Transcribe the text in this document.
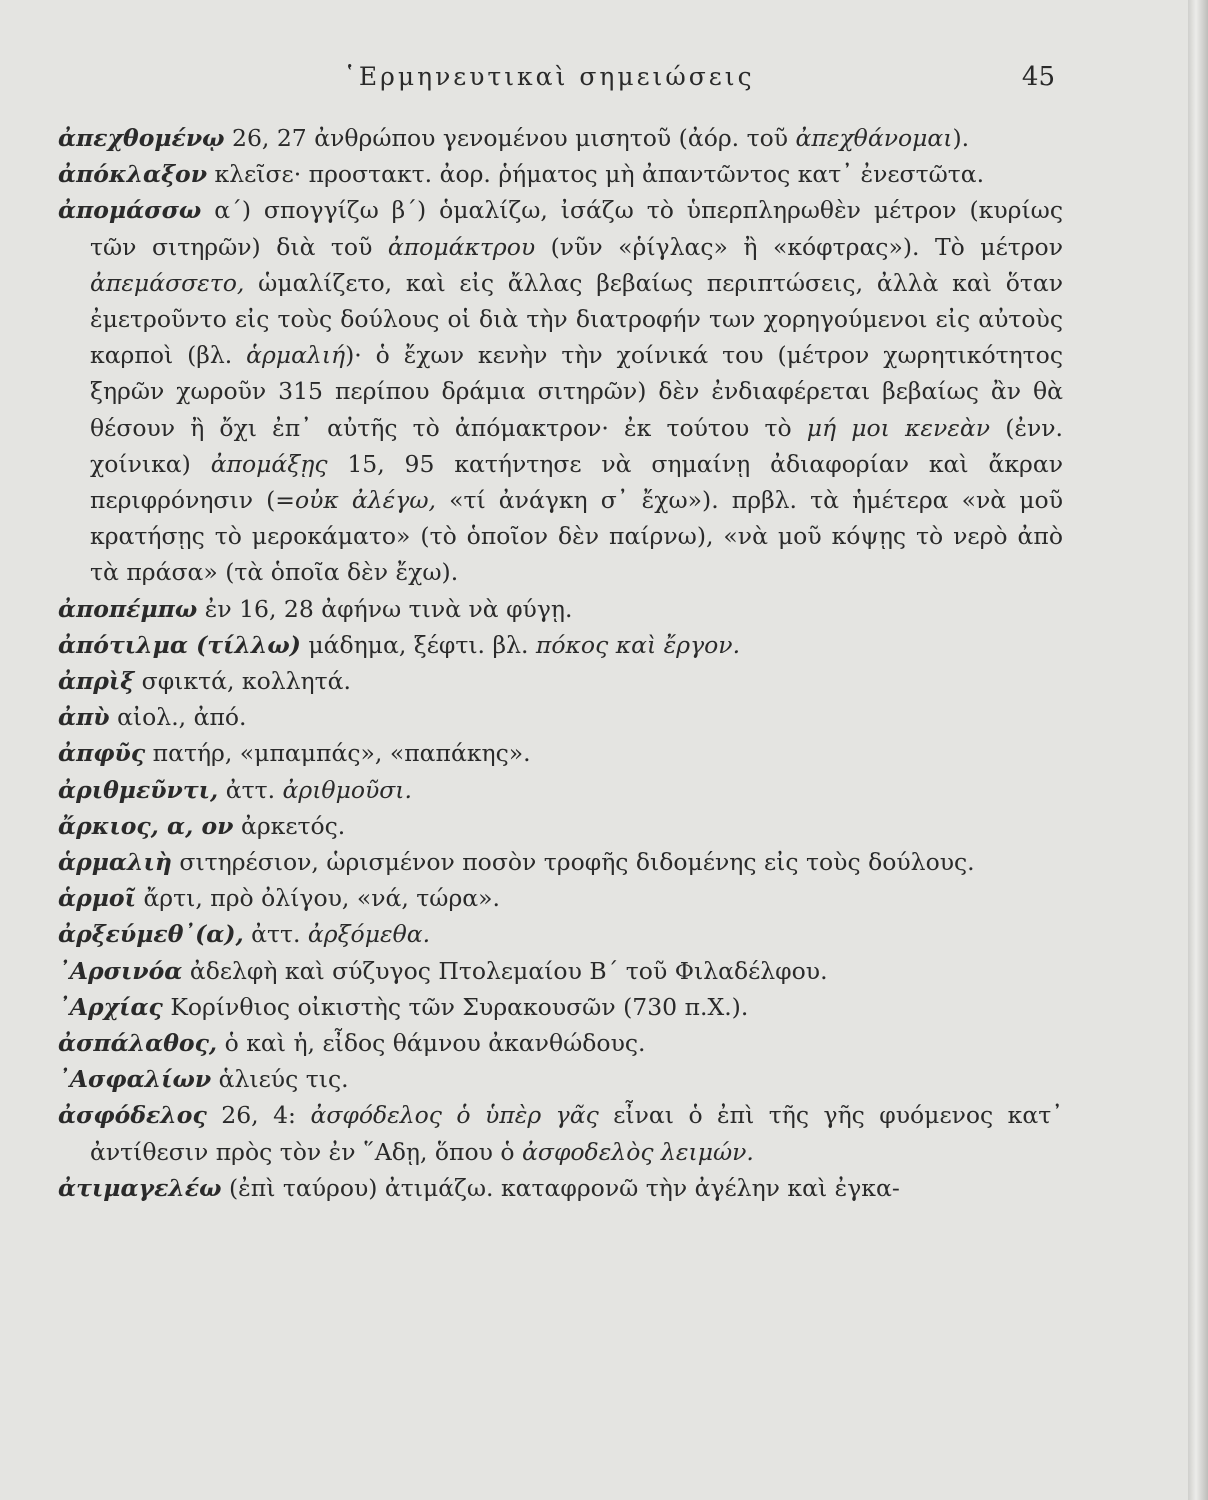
῾Ερμηνευτικαὶ σημειώσεις	45

ἀπεχθομένῳ 26, 27 ἀνθρώπου γενομένου μισητοῦ (ἀόρ. τοῦ ἀπεχθάνομαι).

ἀπόκλαξον κλεῖσε· προστακτ. ἀορ. ῥήματος μὴ ἀπαντῶντος κατ᾽ ἐνεστῶτα.

ἀπομάσσω α΄) σπογγίζω β΄) ὁμαλίζω, ἰσάζω τὸ ὑπερπληρωθὲν μέτρον (κυρίως τῶν σιτηρῶν) διὰ τοῦ ἀπομάκτρου (νῦν «ῥίγλας» ἢ «κόφτρας»). Τὸ μέτρον ἀπεμάσσετο, ὡμαλίζετο, καὶ εἰς ἄλλας βεβαίως περιπτώσεις, ἀλλὰ καὶ ὅταν ἐμετροῦντο εἰς τοὺς δούλους οἱ διὰ τὴν διατροφήν των χορηγούμενοι εἰς αὐτοὺς καρποὶ (βλ. ἁρμαλιή)· ὁ ἔχων κενὴν τὴν χοίνικά του (μέτρον χωρητικότητος ξηρῶν χωροῦν 315 περίπου δράμια σιτηρῶν) δὲν ἐνδιαφέρεται βεβαίως ἂν θὰ θέσουν ἢ ὄχι ἐπ᾽ αὐτῆς τὸ ἀπόμακτρον· ἐκ τούτου τὸ μή μοι κενεὰν (ἐνν. χοίνικα) ἀπομάξῃς 15, 95 κατήντησε νὰ σημαίνῃ ἀδιαφορίαν καὶ ἄκραν περιφρόνησιν (=οὐκ ἀλέγω, «τί ἀνάγκη σ᾽ ἔχω»). πρβλ. τὰ ἡμέτερα «νὰ μοῦ κρατήσῃς τὸ μεροκάματο» (τὸ ὁποῖον δὲν παίρνω), «νὰ μοῦ κόψῃς τὸ νερὸ ἀπὸ τὰ πράσα» (τὰ ὁποῖα δὲν ἔχω).

ἀποπέμπω ἐν 16, 28 ἀφήνω τινὰ νὰ φύγῃ.

ἀπότιλμα (τίλλω) μάδημα, ξέφτι. βλ. πόκος καὶ ἔργον.

ἀπρὶξ σφικτά, κολλητά.

ἀπὺ αἰολ., ἀπό.

ἀπφῦς πατήρ, «μπαμπάς», «παπάκης».

ἀριθμεῦντι, ἀττ. ἀριθμοῦσι.

ἄρκιος, α, ον ἀρκετός.

ἁρμαλιὴ σιτηρέσιον, ὡρισμένον ποσὸν τροφῆς διδομένης εἰς τοὺς δούλους.

ἁρμοῖ ἄρτι, πρὸ ὀλίγου, «νά, τώρα».

ἀρξεύμεθ᾽(α), ἀττ. ἀρξόμεθα.

᾽Αρσινόα ἀδελφὴ καὶ σύζυγος Πτολεμαίου Β΄ τοῦ Φιλαδέλφου.

᾽Αρχίας Κορίνθιος οἰκιστὴς τῶν Συρακουσῶν (730 π.Χ.).

ἀσπάλαθος, ὁ καὶ ἡ, εἶδος θάμνου ἀκανθώδους.

᾽Ασφαλίων ἁλιεύς τις.

ἀσφόδελος 26, 4: ἀσφόδελος ὁ ὑπὲρ γᾶς εἶναι ὁ ἐπὶ τῆς γῆς φυόμενος κατ᾽ ἀντίθεσιν πρὸς τὸν ἐν ῞Αδῃ, ὅπου ὁ ἀσφοδελὸς λειμών.

ἀτιμαγελέω (ἐπὶ ταύρου) ἀτιμάζω. καταφρονῶ τὴν ἀγέλην καὶ ἐγκα-
